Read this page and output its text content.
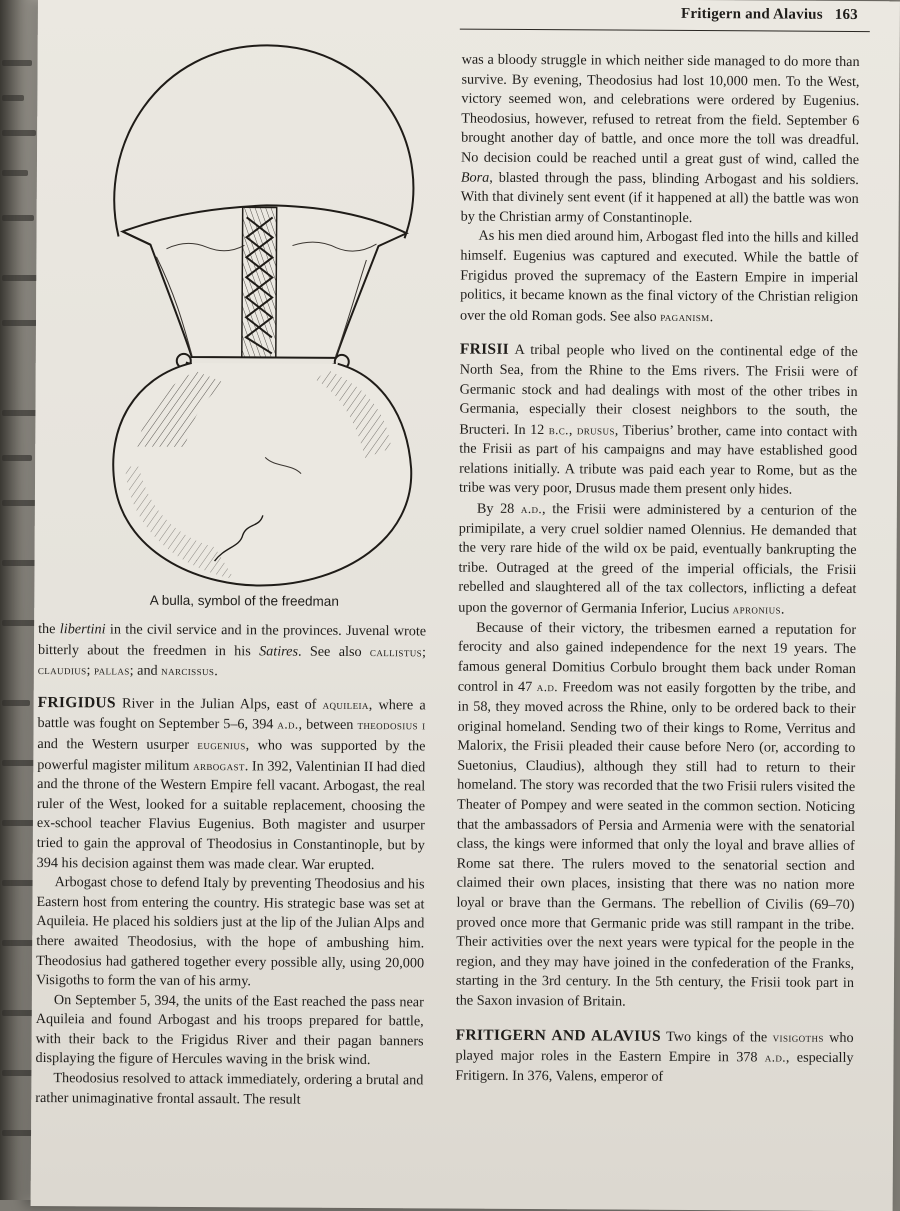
Fritigern and Alavius 163
A bulla, symbol of the freedman

the libertini in the civil service and in the provinces. Juvenal wrote bitterly about the freedmen in his Satires. See also callistus; claudius; pallas; and narcissus.

FRIGIDUS River in the Julian Alps, east of aquileia, where a battle was fought on September 5–6, 394 a.d., between theodosius i and the Western usurper eugenius, who was supported by the powerful magister militum arbogast. In 392, Valentinian II had died and the throne of the Western Empire fell vacant. Arbogast, the real ruler of the West, looked for a suitable replacement, choosing the ex-school teacher Flavius Eugenius. Both magister and usurper tried to gain the approval of Theodosius in Constantinople, but by 394 his decision against them was made clear. War erupted.

Arbogast chose to defend Italy by preventing Theodosius and his Eastern host from entering the country. His strategic base was set at Aquileia. He placed his soldiers just at the lip of the Julian Alps and there awaited Theodosius, with the hope of ambushing him. Theodosius had gathered together every possible ally, using 20,000 Visigoths to form the van of his army.

On September 5, 394, the units of the East reached the pass near Aquileia and found Arbogast and his troops prepared for battle, with their back to the Frigidus River and their pagan banners displaying the figure of Hercules waving in the brisk wind.

Theodosius resolved to attack immediately, ordering a brutal and rather unimaginative frontal assault. The result

was a bloody struggle in which neither side managed to do more than survive. By evening, Theodosius had lost 10,000 men. To the West, victory seemed won, and celebrations were ordered by Eugenius. Theodosius, however, refused to retreat from the field. September 6 brought another day of battle, and once more the toll was dreadful. No decision could be reached until a great gust of wind, called the Bora, blasted through the pass, blinding Arbogast and his soldiers. With that divinely sent event (if it happened at all) the battle was won by the Christian army of Constantinople.

As his men died around him, Arbogast fled into the hills and killed himself. Eugenius was captured and executed. While the battle of Frigidus proved the supremacy of the Eastern Empire in imperial politics, it became known as the final victory of the Christian religion over the old Roman gods. See also paganism.

FRISII A tribal people who lived on the continental edge of the North Sea, from the Rhine to the Ems rivers. The Frisii were of Germanic stock and had dealings with most of the other tribes in Germania, especially their closest neighbors to the south, the Bructeri. In 12 b.c., drusus, Tiberius’ brother, came into contact with the Frisii as part of his campaigns and may have established good relations initially. A tribute was paid each year to Rome, but as the tribe was very poor, Drusus made them present only hides.

By 28 a.d., the Frisii were administered by a centurion of the primipilate, a very cruel soldier named Olennius. He demanded that the very rare hide of the wild ox be paid, eventually bankrupting the tribe. Outraged at the greed of the imperial officials, the Frisii rebelled and slaughtered all of the tax collectors, inflicting a defeat upon the governor of Germania Inferior, Lucius apronius.

Because of their victory, the tribesmen earned a reputation for ferocity and also gained independence for the next 19 years. The famous general Domitius Corbulo brought them back under Roman control in 47 a.d. Freedom was not easily forgotten by the tribe, and in 58, they moved across the Rhine, only to be ordered back to their original homeland. Sending two of their kings to Rome, Verritus and Malorix, the Frisii pleaded their cause before Nero (or, according to Suetonius, Claudius), although they still had to return to their homeland. The story was recorded that the two Frisii rulers visited the Theater of Pompey and were seated in the common section. Noticing that the ambassadors of Persia and Armenia were with the senatorial class, the kings were informed that only the loyal and brave allies of Rome sat there. The rulers moved to the senatorial section and claimed their own places, insisting that there was no nation more loyal or brave than the Germans. The rebellion of Civilis (69–70) proved once more that Germanic pride was still rampant in the tribe. Their activities over the next years were typical for the people in the region, and they may have joined in the confederation of the Franks, starting in the 3rd century. In the 5th century, the Frisii took part in the Saxon invasion of Britain.

FRITIGERN AND ALAVIUS Two kings of the visigoths who played major roles in the Eastern Empire in 378 a.d., especially Fritigern. In 376, Valens, emperor of
